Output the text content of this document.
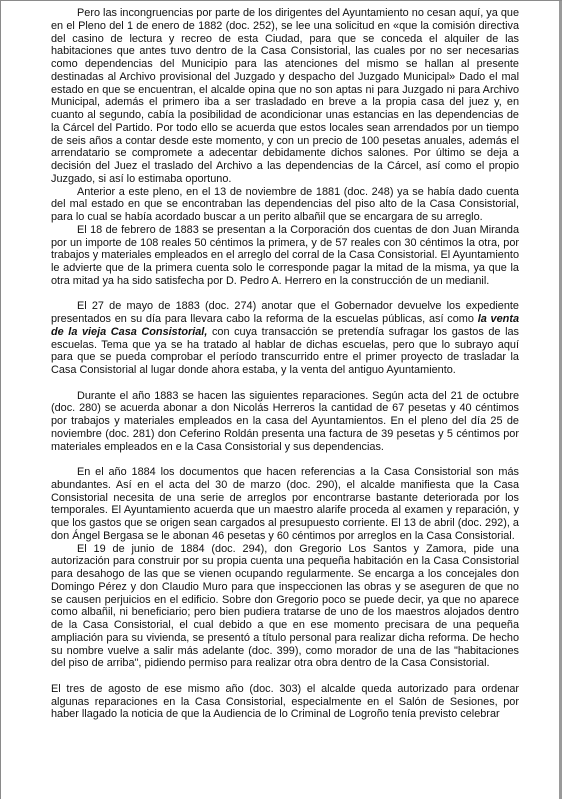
Pero las incongruencias por parte de los dirigentes del Ayuntamiento no cesan aquí, ya que en el Pleno del 1 de enero de 1882 (doc. 252), se lee una solicitud en «que la comisión directiva del casino de lectura y recreo de esta Ciudad, para que se conceda el alquiler de las habitaciones que antes tuvo dentro de la Casa Consistorial, las cuales por no ser necesarias como dependencias del Municipio para las atenciones del mismo se hallan al presente destinadas al Archivo provisional del Juzgado y despacho del Juzgado Municipal» Dado el mal estado en que se encuentran, el alcalde opina que no son aptas ni para Juzgado ni para Archivo Municipal, además el primero iba a ser trasladado en breve a la propia casa del juez y, en cuanto al segundo, cabía la posibilidad de acondicionar unas estancias en las dependencias de la Cárcel del Partido. Por todo ello se acuerda que estos locales sean arrendados por un tiempo de seis años a contar desde este momento, y con un precio de 100 pesetas anuales, además el arrendatario se compromete a adecentar debidamente dichos salones. Por último se deja a decisión del Juez el traslado del Archivo a las dependencias de la Cárcel, así como el propio Juzgado, si así lo estimaba oportuno.

Anterior a este pleno, en el 13 de noviembre de 1881 (doc. 248) ya se había dado cuenta del mal estado en que se encontraban las dependencias del piso alto de la Casa Consistorial, para lo cual se había acordado buscar a un perito albañil que se encargara de su arreglo.

El 18 de febrero de 1883 se presentan a la Corporación dos cuentas de don Juan Miranda por un importe de 108 reales 50 céntimos la primera, y de 57 reales con 30 céntimos la otra, por trabajos y materiales empleados en el arreglo del corral de la Casa Consistorial. El Ayuntamiento le advierte que de la primera cuenta solo le corresponde pagar la mitad de la misma, ya que la otra mitad ya ha sido satisfecha por D. Pedro A. Herrero en la construcción de un medianil.

El 27 de mayo de 1883 (doc. 274) anotar que el Gobernador devuelve los expediente presentados en su día para llevara cabo la reforma de la escuelas públicas, así como la venta de la vieja Casa Consistorial, con cuya transacción se pretendía sufragar los gastos de las escuelas. Tema que ya se ha tratado al hablar de dichas escuelas, pero que lo subrayo aquí para que se pueda comprobar el período transcurrido entre el primer proyecto de trasladar la Casa Consistorial al lugar donde ahora estaba, y la venta del antiguo Ayuntamiento.

Durante el año 1883 se hacen las siguientes reparaciones. Según acta del 21 de octubre (doc. 280) se acuerda abonar a don Nicolás Herreros la cantidad de 67 pesetas y 40 céntimos por trabajos y materiales empleados en la casa del Ayuntamientos. En el pleno del día 25 de noviembre (doc. 281) don Ceferino Roldán presenta una factura de 39 pesetas y 5 céntimos por materiales empleados en e la Casa Consistorial y sus dependencias.

En el año 1884 los documentos que hacen referencias a la Casa Consistorial son más abundantes. Así en el acta del 30 de marzo (doc. 290), el alcalde manifiesta que la Casa Consistorial necesita de una serie de arreglos por encontrarse bastante deteriorada por los temporales. El Ayuntamiento acuerda que un maestro alarife proceda al examen y reparación, y que los gastos que se origen sean cargados al presupuesto corriente. El 13 de abril (doc. 292), a don Ángel Bergasa se le abonan 46 pesetas y 60 céntimos por arreglos en la Casa Consistorial.

El 19 de junio de 1884 (doc. 294), don Gregorio Los Santos y Zamora, pide una autorización para construir por su propia cuenta una pequeña habitación en la Casa Consistorial para desahogo de las que se vienen ocupando regularmente. Se encarga a los concejales don Domingo Pérez y don Claudio Muro para que inspeccionen las obras y se aseguren de que no se causen perjuicios en el edificio. Sobre don Gregorio poco se puede decir, ya que no aparece como albañil, ni beneficiario; pero bien pudiera tratarse de uno de los maestros alojados dentro de la Casa Consistorial, el cual debido a que en ese momento precisara de una pequeña ampliación para su vivienda, se presentó a título personal para realizar dicha reforma. De hecho su nombre vuelve a salir más adelante (doc. 399), como morador de una de las "habitaciones del piso de arriba", pidiendo permiso para realizar otra obra dentro de la Casa Consistorial.

El tres de agosto de ese mismo año (doc. 303) el alcalde queda autorizado para ordenar algunas reparaciones en la Casa Consistorial, especialmente en el Salón de Sesiones, por haber llagado la noticia de que la Audiencia de lo Criminal de Logroño tenía previsto celebrar
